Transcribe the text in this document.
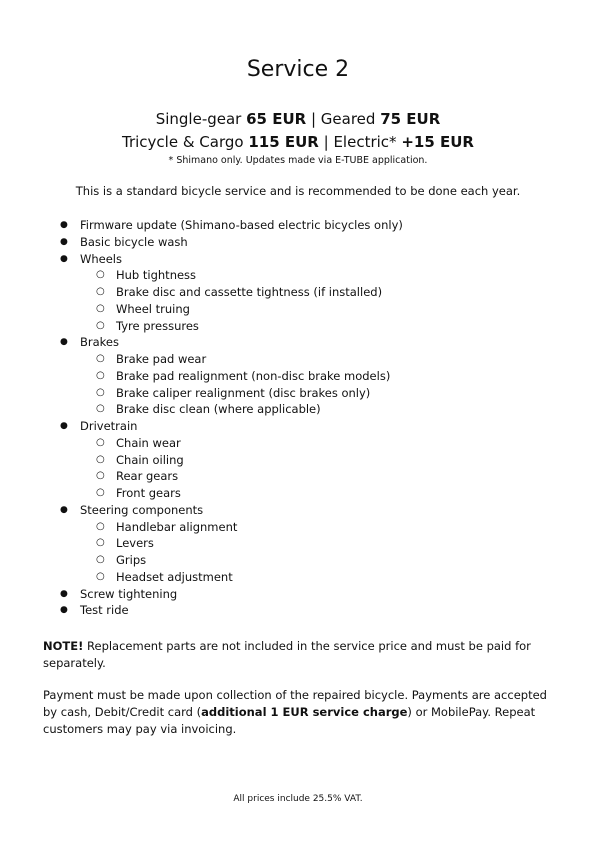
Service 2
Single-gear 65 EUR | Geared 75 EUR
Tricycle & Cargo 115 EUR | Electric* +15 EUR
* Shimano only. Updates made via E-TUBE application.
This is a standard bicycle service and is recommended to be done each year.
● Firmware update (Shimano-based electric bicycles only)
● Basic bicycle wash
● Wheels
○ Hub tightness
○ Brake disc and cassette tightness (if installed)
○ Wheel truing
○ Tyre pressures
● Brakes
○ Brake pad wear
○ Brake pad realignment (non-disc brake models)
○ Brake caliper realignment (disc brakes only)
○ Brake disc clean (where applicable)
● Drivetrain
○ Chain wear
○ Chain oiling
○ Rear gears
○ Front gears
● Steering components
○ Handlebar alignment
○ Levers
○ Grips
○ Headset adjustment
● Screw tightening
● Test ride

NOTE! Replacement parts are not included in the service price and must be paid for separately.

Payment must be made upon collection of the repaired bicycle. Payments are accepted by cash, Debit/Credit card (additional 1 EUR service charge) or MobilePay. Repeat customers may pay via invoicing.

All prices include 25.5% VAT.
